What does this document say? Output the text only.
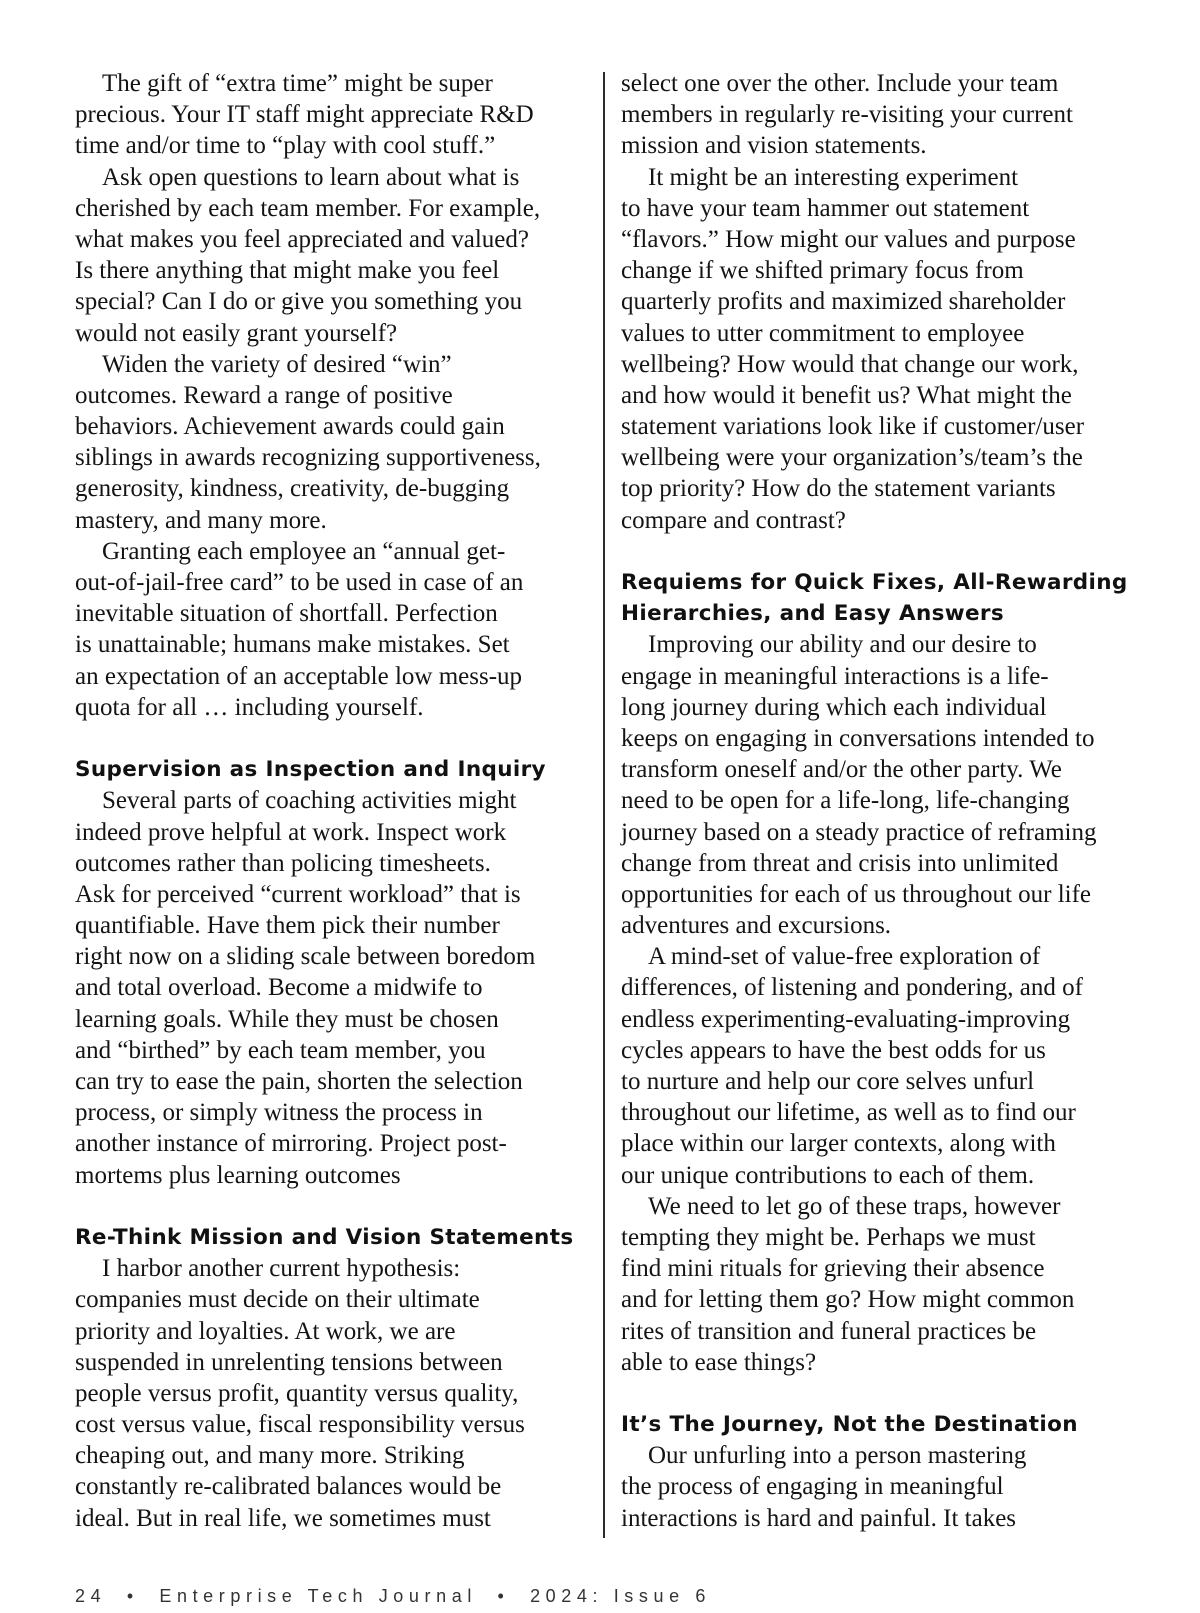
The gift of “extra time” might be super
precious. Your IT staff might appreciate R&D
time and/or time to “play with cool stuff.”
Ask open questions to learn about what is
cherished by each team member. For example,
what makes you feel appreciated and valued?
Is there anything that might make you feel
special? Can I do or give you something you
would not easily grant yourself?
Widen the variety of desired “win”
outcomes. Reward a range of positive
behaviors. Achievement awards could gain
siblings in awards recognizing supportiveness,
generosity, kindness, creativity, de-bugging
mastery, and many more.
Granting each employee an “annual get-
out-of-jail-free card” to be used in case of an
inevitable situation of shortfall. Perfection
is unattainable; humans make mistakes. Set
an expectation of an acceptable low mess-up
quota for all … including yourself.
Supervision as Inspection and Inquiry
Several parts of coaching activities might
indeed prove helpful at work. Inspect work
outcomes rather than policing timesheets.
Ask for perceived “current workload” that is
quantifiable. Have them pick their number
right now on a sliding scale between boredom
and total overload. Become a midwife to
learning goals. While they must be chosen
and “birthed” by each team member, you
can try to ease the pain, shorten the selection
process, or simply witness the process in
another instance of mirroring. Project post-
mortems plus learning outcomes
Re-Think Mission and Vision Statements
I harbor another current hypothesis:
companies must decide on their ultimate
priority and loyalties. At work, we are
suspended in unrelenting tensions between
people versus profit, quantity versus quality,
cost versus value, fiscal responsibility versus
cheaping out, and many more. Striking
constantly re-calibrated balances would be
ideal. But in real life, we sometimes must
select one over the other. Include your team
members in regularly re-visiting your current
mission and vision statements.
It might be an interesting experiment
to have your team hammer out statement
“flavors.” How might our values and purpose
change if we shifted primary focus from
quarterly profits and maximized shareholder
values to utter commitment to employee
wellbeing? How would that change our work,
and how would it benefit us? What might the
statement variations look like if customer/user
wellbeing were your organization’s/team’s the
top priority? How do the statement variants
compare and contrast?
Requiems for Quick Fixes, All-Rewarding
Hierarchies, and Easy Answers
Improving our ability and our desire to
engage in meaningful interactions is a life-
long journey during which each individual
keeps on engaging in conversations intended to
transform oneself and/or the other party. We
need to be open for a life-long, life-changing
journey based on a steady practice of reframing
change from threat and crisis into unlimited
opportunities for each of us throughout our life
adventures and excursions.
A mind-set of value-free exploration of
differences, of listening and pondering, and of
endless experimenting-evaluating-improving
cycles appears to have the best odds for us
to nurture and help our core selves unfurl
throughout our lifetime, as well as to find our
place within our larger contexts, along with
our unique contributions to each of them.
We need to let go of these traps, however
tempting they might be. Perhaps we must
find mini rituals for grieving their absence
and for letting them go? How might common
rites of transition and funeral practices be
able to ease things?
It’s The Journey, Not the Destination
Our unfurling into a person mastering
the process of engaging in meaningful
interactions is hard and painful. It takes
24 • Enterprise Tech Journal • 2024: Issue 6
